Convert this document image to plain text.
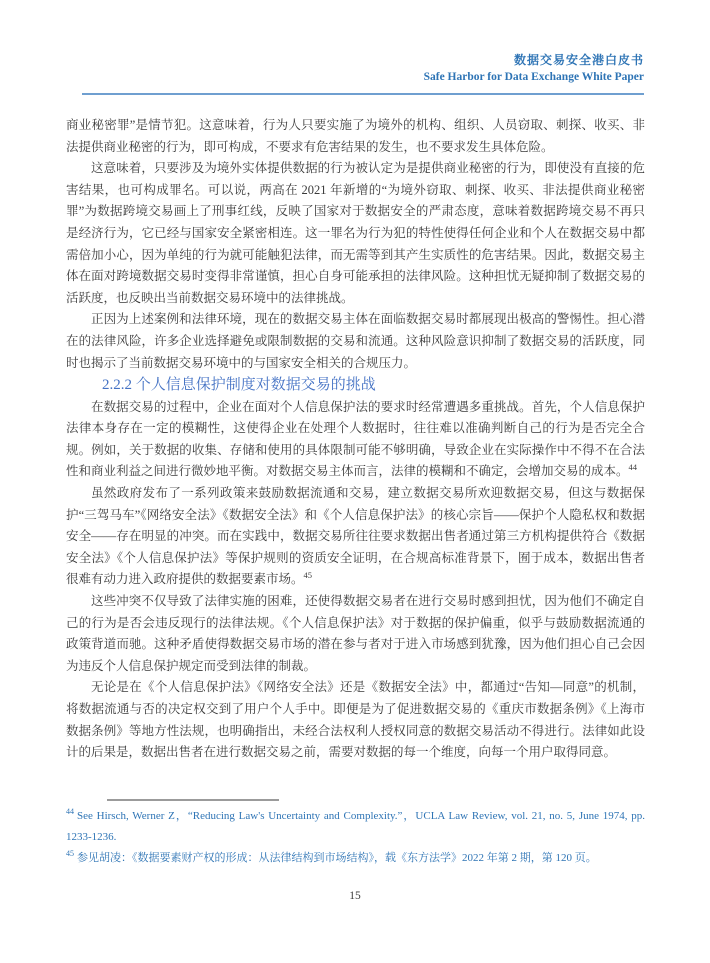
数据交易安全港白皮书
Safe Harbor for Data Exchange White Paper

商业秘密罪”是情节犯。这意味着，行为人只要实施了为境外的机构、组织、人员窃取、刺探、收买、非法提供商业秘密的行为，即可构成，不要求有危害结果的发生，也不要求发生具体危险。

这意味着，只要涉及为境外实体提供数据的行为被认定为是提供商业秘密的行为，即使没有直接的危害结果，也可构成罪名。可以说，两高在 2021 年新增的“为境外窃取、刺探、收买、非法提供商业秘密罪”为数据跨境交易画上了刑事红线，反映了国家对于数据安全的严肃态度，意味着数据跨境交易不再只是经济行为，它已经与国家安全紧密相连。这一罪名为行为犯的特性使得任何企业和个人在数据交易中都需倍加小心，因为单纯的行为就可能触犯法律，而无需等到其产生实质性的危害结果。因此，数据交易主体在面对跨境数据交易时变得非常谨慎，担心自身可能承担的法律风险。这种担忧无疑抑制了数据交易的活跃度，也反映出当前数据交易环境中的法律挑战。

正因为上述案例和法律环境，现在的数据交易主体在面临数据交易时都展现出极高的警惕性。担心潜在的法律风险，许多企业选择避免或限制数据的交易和流通。这种风险意识抑制了数据交易的活跃度，同时也揭示了当前数据交易环境中的与国家安全相关的合规压力。

2.2.2 个人信息保护制度对数据交易的挑战

在数据交易的过程中，企业在面对个人信息保护法的要求时经常遭遇多重挑战。首先，个人信息保护法律本身存在一定的模糊性，这使得企业在处理个人数据时，往往难以准确判断自己的行为是否完全合规。例如，关于数据的收集、存储和使用的具体限制可能不够明确，导致企业在实际操作中不得不在合法性和商业利益之间进行微妙地平衡。对数据交易主体而言，法律的模糊和不确定，会增加交易的成本。$^{44}$

虽然政府发布了一系列政策来鼓励数据流通和交易，建立数据交易所欢迎数据交易，但这与数据保护“三驾马车”《网络安全法》《数据安全法》和《个人信息保护法》的核心宗旨——保护个人隐私权和数据安全——存在明显的冲突。而在实践中，数据交易所往往要求数据出售者通过第三方机构提供符合《数据安全法》《个人信息保护法》等保护规则的资质安全证明，在合规高标准背景下，囿于成本，数据出售者很难有动力进入政府提供的数据要素市场。$^{45}$

这些冲突不仅导致了法律实施的困难，还使得数据交易者在进行交易时感到担忧，因为他们不确定自己的行为是否会违反现行的法律法规。《个人信息保护法》对于数据的保护偏重，似乎与鼓励数据流通的政策背道而驰。这种矛盾使得数据交易市场的潜在参与者对于进入市场感到犹豫，因为他们担心自己会因为违反个人信息保护规定而受到法律的制裁。

无论是在《个人信息保护法》《网络安全法》还是《数据安全法》中，都通过“告知—同意”的机制，将数据流通与否的决定权交到了用户个人手中。即便是为了促进数据交易的《重庆市数据条例》《上海市数据条例》等地方性法规，也明确指出，未经合法权利人授权同意的数据交易活动不得进行。法律如此设计的后果是，数据出售者在进行数据交易之前，需要对数据的每一个维度，向每一个用户取得同意。

$^{44}$ See Hirsch, Werner Z，“Reducing Law's Uncertainty and Complexity.”，UCLA Law Review, vol. 21, no. 5, June 1974, pp. 1233-1236.

$^{45}$ 参见胡凌：《数据要素财产权的形成：从法律结构到市场结构》，载《东方法学》2022 年第 2 期，第 120 页。

15
